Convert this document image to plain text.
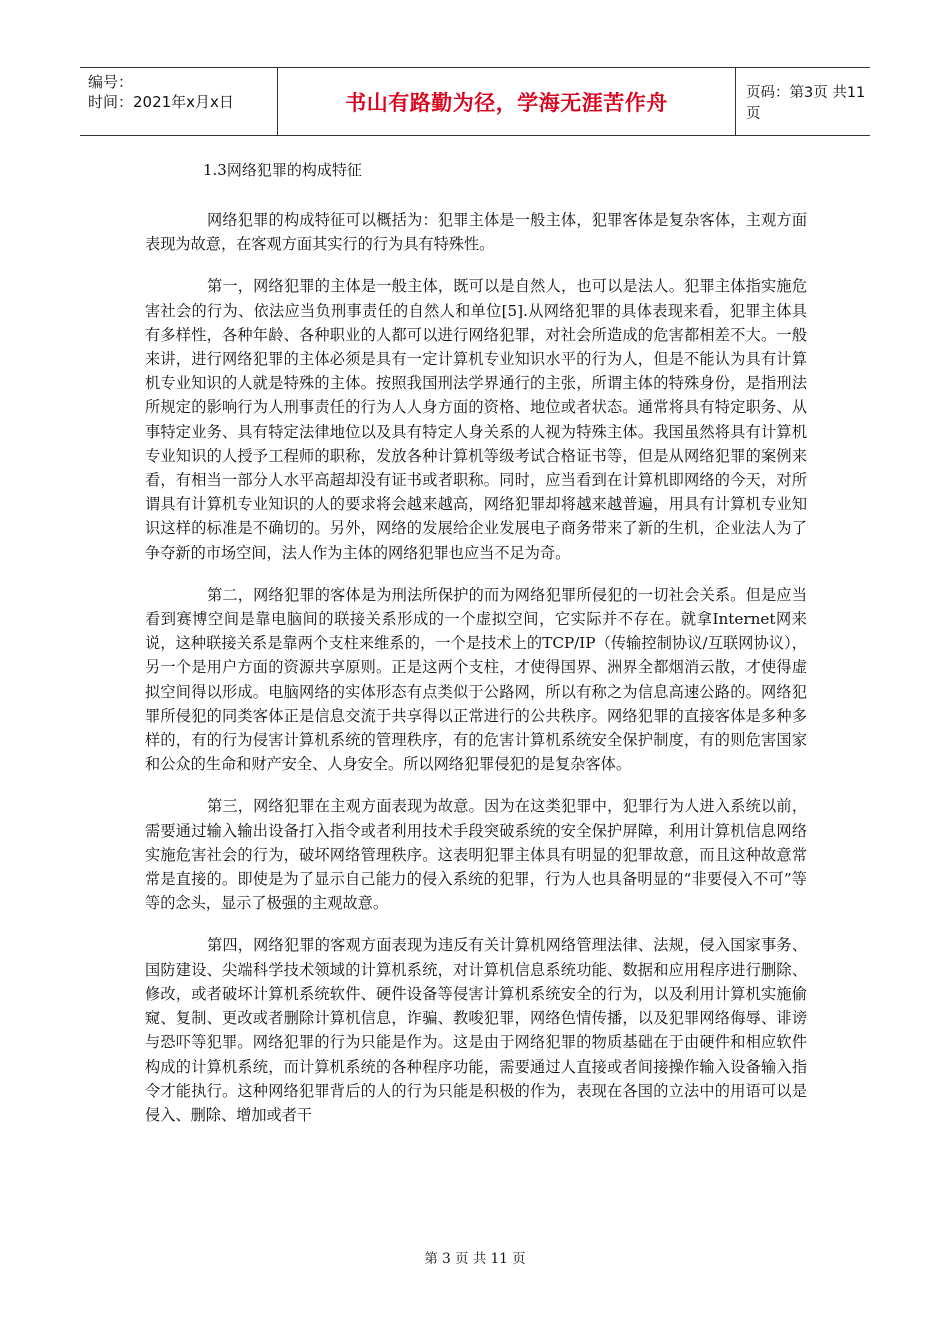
编号：
时间：2021年x月x日	书山有路勤为径，学海无涯苦作舟	页码：第3页 共11页
1.3网络犯罪的构成特征

网络犯罪的构成特征可以概括为：犯罪主体是一般主体，犯罪客体是复杂客体，主观方面表现为故意，在客观方面其实行的行为具有特殊性。

第一，网络犯罪的主体是一般主体，既可以是自然人，也可以是法人。犯罪主体指实施危害社会的行为、依法应当负刑事责任的自然人和单位[5].从网络犯罪的具体表现来看，犯罪主体具有多样性，各种年龄、各种职业的人都可以进行网络犯罪，对社会所造成的危害都相差不大。一般来讲，进行网络犯罪的主体必须是具有一定计算机专业知识水平的行为人，但是不能认为具有计算机专业知识的人就是特殊的主体。按照我国刑法学界通行的主张，所谓主体的特殊身份，是指刑法所规定的影响行为人刑事责任的行为人人身方面的资格、地位或者状态。通常将具有特定职务、从事特定业务、具有特定法律地位以及具有特定人身关系的人视为特殊主体。我国虽然将具有计算机专业知识的人授予工程师的职称，发放各种计算机等级考试合格证书等，但是从网络犯罪的案例来看，有相当一部分人水平高超却没有证书或者职称。同时，应当看到在计算机即网络的今天，对所谓具有计算机专业知识的人的要求将会越来越高，网络犯罪却将越来越普遍，用具有计算机专业知识这样的标准是不确切的。另外，网络的发展给企业发展电子商务带来了新的生机，企业法人为了争夺新的市场空间，法人作为主体的网络犯罪也应当不足为奇。

第二，网络犯罪的客体是为刑法所保护的而为网络犯罪所侵犯的一切社会关系。但是应当看到赛博空间是靠电脑间的联接关系形成的一个虚拟空间，它实际并不存在。就拿Internet网来说，这种联接关系是靠两个支柱来维系的，一个是技术上的TCP/IP（传输控制协议/互联网协议），另一个是用户方面的资源共享原则。正是这两个支柱，才使得国界、洲界全都烟消云散，才使得虚拟空间得以形成。电脑网络的实体形态有点类似于公路网，所以有称之为信息高速公路的。网络犯罪所侵犯的同类客体正是信息交流于共享得以正常进行的公共秩序。网络犯罪的直接客体是多种多样的，有的行为侵害计算机系统的管理秩序，有的危害计算机系统安全保护制度，有的则危害国家和公众的生命和财产安全、人身安全。所以网络犯罪侵犯的是复杂客体。

第三，网络犯罪在主观方面表现为故意。因为在这类犯罪中，犯罪行为人进入系统以前，需要通过输入输出设备打入指令或者利用技术手段突破系统的安全保护屏障，利用计算机信息网络实施危害社会的行为，破坏网络管理秩序。这表明犯罪主体具有明显的犯罪故意，而且这种故意常常是直接的。即使是为了显示自己能力的侵入系统的犯罪，行为人也具备明显的“非要侵入不可”等等的念头，显示了极强的主观故意。

第四，网络犯罪的客观方面表现为违反有关计算机网络管理法律、法规，侵入国家事务、国防建设、尖端科学技术领域的计算机系统，对计算机信息系统功能、数据和应用程序进行删除、修改，或者破坏计算机系统软件、硬件设备等侵害计算机系统安全的行为，以及利用计算机实施偷窥、复制、更改或者删除计算机信息，诈骗、教唆犯罪，网络色情传播，以及犯罪网络侮辱、诽谤与恐吓等犯罪。网络犯罪的行为只能是作为。这是由于网络犯罪的物质基础在于由硬件和相应软件构成的计算机系统，而计算机系统的各种程序功能，需要通过人直接或者间接操作输入设备输入指令才能执行。这种网络犯罪背后的人的行为只能是积极的作为，表现在各国的立法中的用语可以是侵入、删除、增加或者干

第 3 页 共 11 页
